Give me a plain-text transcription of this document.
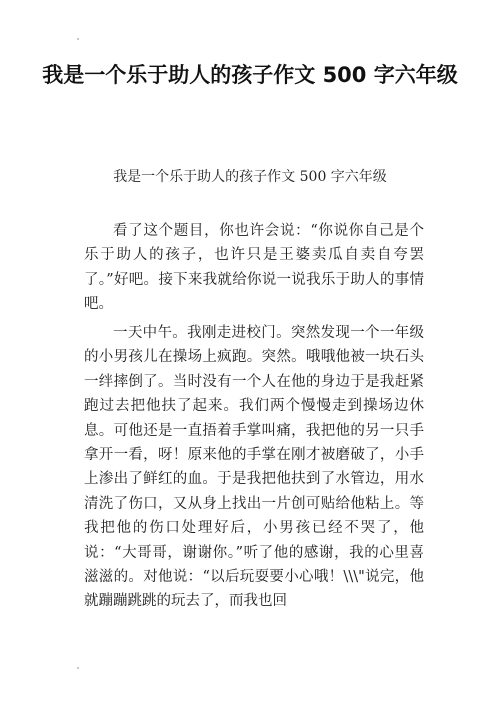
我是一个乐于助人的孩子作文 500 字六年级

我是一个乐于助人的孩子作文 500 字六年级

看了这个题目，你也许会说：“你说你自己是个乐于助人的孩子，也许只是王婆卖瓜自卖自夸罢了。”好吧。接下来我就给你说一说我乐于助人的事情吧。

一天中午。我刚走进校门。突然发现一个一年级的小男孩儿在操场上疯跑。突然。哦哦他被一块石头一绊摔倒了。当时没有一个人在他的身边于是我赶紧跑过去把他扶了起来。我们两个慢慢走到操场边休息。可他还是一直捂着手掌叫痛，我把他的另一只手拿开一看，呀！原来他的手掌在刚才被磨破了，小手上渗出了鲜红的血。于是我把他扶到了水管边，用水清洗了伤口，又从身上找出一片创可贴给他粘上。等我把他的伤口处理好后，小男孩已经不哭了，他说：“大哥哥，谢谢你。”听了他的感谢，我的心里喜滋滋的。对他说：“以后玩耍要小心哦！\\\"说完，他就蹦蹦跳跳的玩去了，而我也回
